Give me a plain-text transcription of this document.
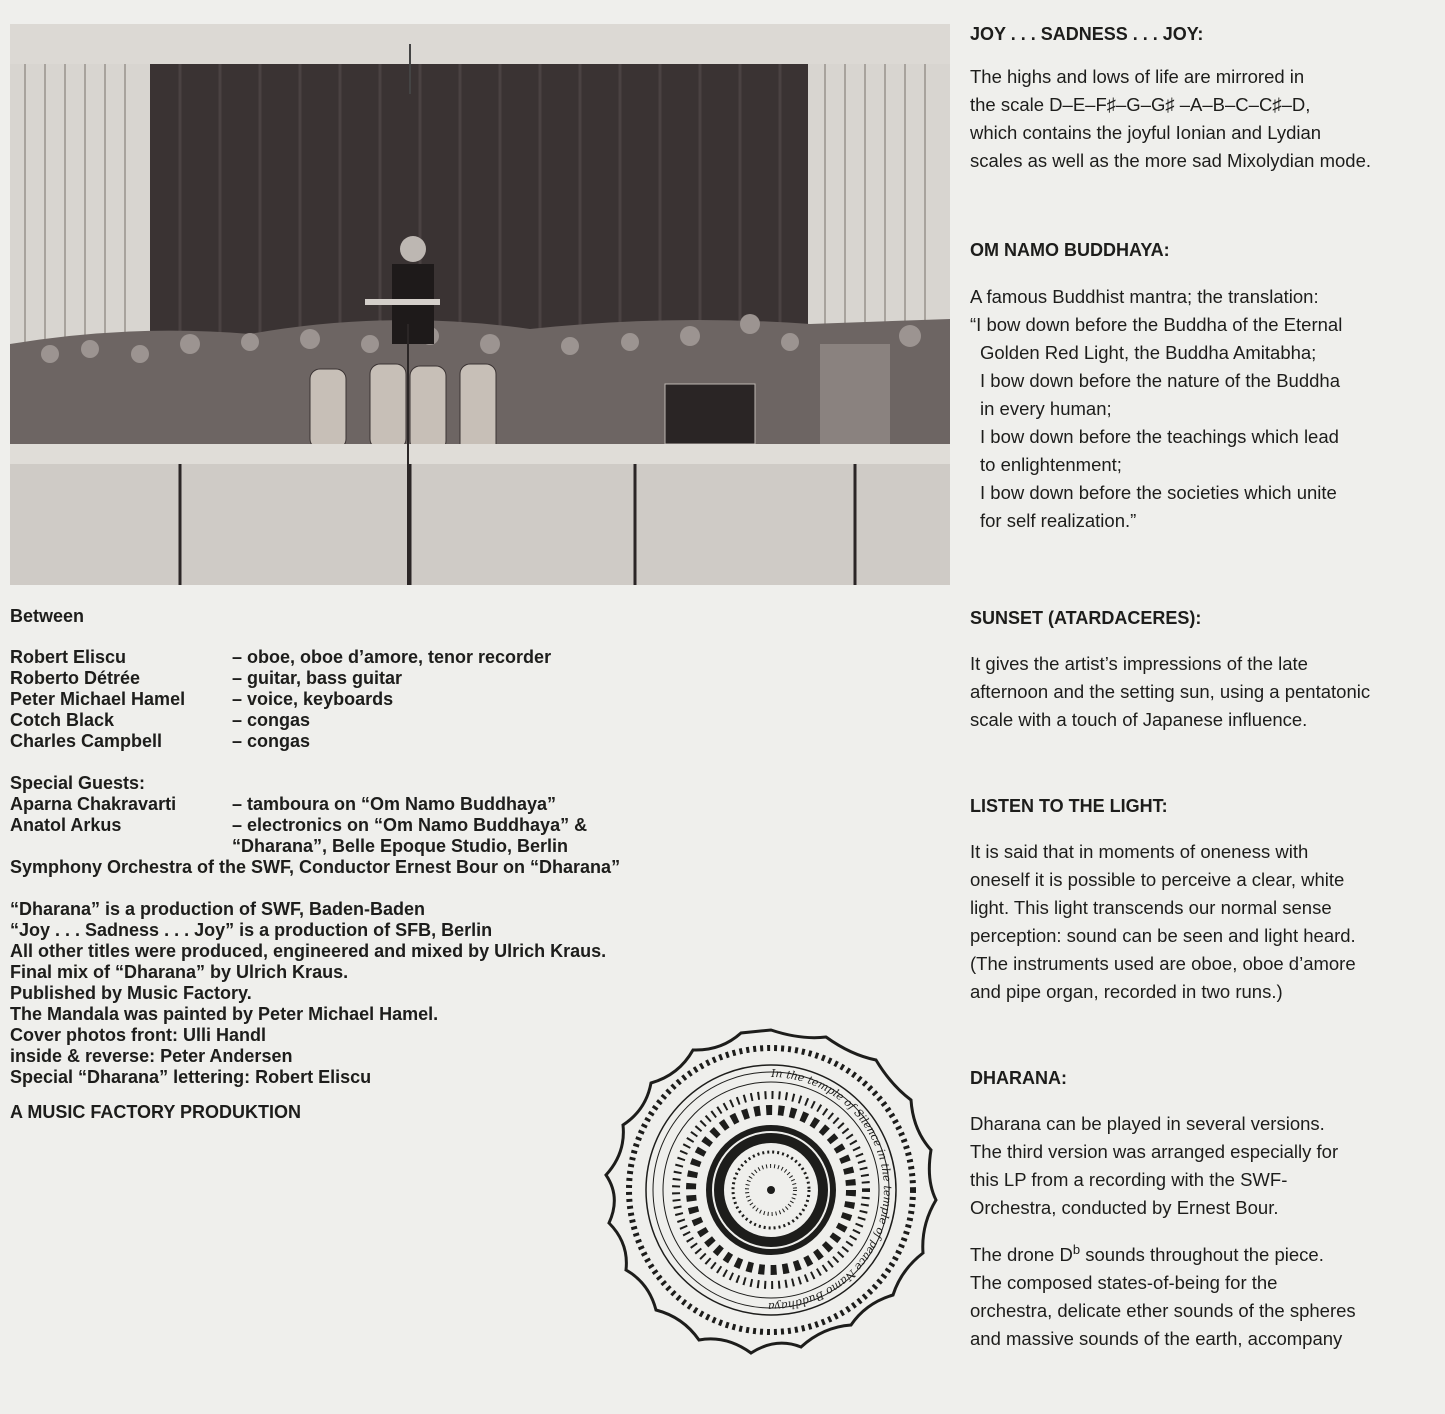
Between
Robert Eliscu	– oboe, oboe d’amore, tenor recorder
Roberto Détrée	– guitar, bass guitar
Peter Michael Hamel	– voice, keyboards
Cotch Black	– congas
Charles Campbell	– congas
Special Guests:
Aparna Chakravarti	– tamboura on “Om Namo Buddhaya”
Anatol Arkus	– electronics on “Om Namo Buddhaya” &
“Dharana”, Belle Epoque Studio, Berlin
Symphony Orchestra of the SWF, Conductor Ernest Bour on “Dharana”
“Dharana” is a production of SWF, Baden-Baden
“Joy . . . Sadness . . . Joy” is a production of SFB, Berlin
All other titles were produced, engineered and mixed by Ulrich Kraus.
Final mix of “Dharana” by Ulrich Kraus.
Published by Music Factory.
The Mandala was painted by Peter Michael Hamel.
Cover photos front: Ulli Handl
inside & reverse: Peter Andersen
Special “Dharana” lettering: Robert Eliscu
A MUSIC FACTORY PRODUKTION
In the temple of Silence in the temple of peace Namo Buddhaya
JOY . . . SADNESS . . . JOY:

The highs and lows of life are mirrored in

the scale D–E–F♯–G–G♯ –A–B–C–C♯–D,

which contains the joyful Ionian and Lydian

scales as well as the more sad Mixolydian mode.

OM NAMO BUDDHAYA:

A famous Buddhist mantra; the translation:

“I bow down before the Buddha of the Eternal

Golden Red Light, the Buddha Amitabha;

I bow down before the nature of the Buddha

in every human;

I bow down before the teachings which lead

to enlightenment;

I bow down before the societies which unite

for self realization.”

SUNSET (ATARDACERES):

It gives the artist’s impressions of the late

afternoon and the setting sun, using a pentatonic

scale with a touch of Japanese influence.

LISTEN TO THE LIGHT:

It is said that in moments of oneness with

oneself it is possible to perceive a clear, white

light. This light transcends our normal sense

perception: sound can be seen and light heard.

(The instruments used are oboe, oboe d’amore

and pipe organ, recorded in two runs.)

DHARANA:

Dharana can be played in several versions.

The third version was arranged especially for

this LP from a recording with the SWF-

Orchestra, conducted by Ernest Bour.

The drone $D^b$ sounds throughout the piece.

The composed states-of-being for the

orchestra, delicate ether sounds of the spheres

and massive sounds of the earth, accompany
